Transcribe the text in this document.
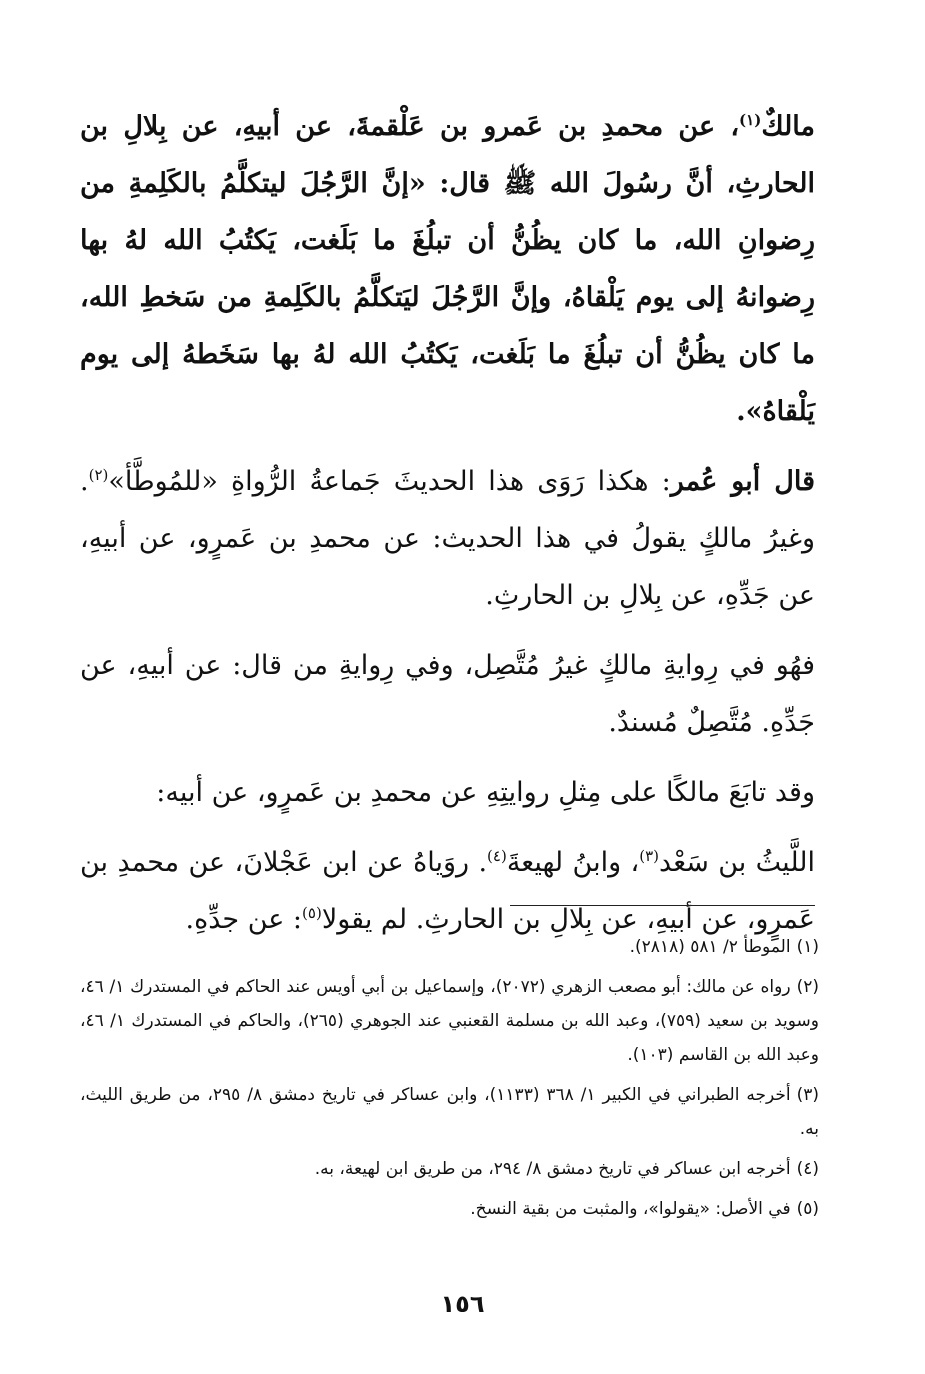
مالكٌ$^{(١)}$، عن محمدِ بن عَمرو بن عَلْقمةَ، عن أبيهِ، عن بِلالِ بن الحارثِ، أنَّ رسُولَ الله ﷺ قال: «إنَّ الرَّجُلَ ليتكلَّمُ بالكَلِمةِ من رِضوانِ الله، ما كان يظُنُّ أن تبلُغَ ما بَلَغت، يَكتُبُ الله لهُ بها رِضوانهُ إلى يوم يَلْقاهُ، وإنَّ الرَّجُلَ ليَتكلَّمُ بالكَلِمةِ من سَخطِ الله، ما كان يظُنُّ أن تبلُغَ ما بَلَغت، يَكتُبُ الله لهُ بها سَخَطهُ إلى يوم يَلْقاهُ».

قال أبو عُمر: هكذا رَوَى هذا الحديثَ جَماعةُ الرُّواةِ «للمُوطَّأ»$^{(٢)}$. وغيرُ مالكٍ يقولُ في هذا الحديث: عن محمدِ بن عَمرٍو، عن أبيهِ، عن جَدِّهِ، عن بِلالِ بن الحارثِ.

فهُو في رِوايةِ مالكٍ غيرُ مُتَّصِل، وفي رِوايةِ من قال: عن أبيهِ، عن جَدِّهِ. مُتَّصِلٌ مُسندٌ.

وقد تابَعَ مالكًا على مِثلِ روايتِهِ عن محمدِ بن عَمرٍو، عن أبيه:

اللَّيثُ بن سَعْد$^{(٣)}$، وابنُ لهيعةَ$^{(٤)}$. روَياهُ عن ابن عَجْلانَ، عن محمدِ بن عَمرٍو، عن أبيهِ، عن بِلالِ بن الحارثِ. لم يقولا$^{(٥)}$: عن جدِّهِ.

(١)الموطأ ٢/ ٥٨١ (٢٨١٨).

(٢)رواه عن مالك: أبو مصعب الزهري (٢٠٧٢)، وإسماعيل بن أبي أويس عند الحاكم في المستدرك ١/ ٤٦، وسويد بن سعيد (٧٥٩)، وعبد الله بن مسلمة القعنبي عند الجوهري (٢٦٥)، والحاكم في المستدرك ١/ ٤٦، وعبد الله بن القاسم (١٠٣).

(٣)أخرجه الطبراني في الكبير ١/ ٣٦٨ (١١٣٣)، وابن عساكر في تاريخ دمشق ٨/ ٢٩٥، من طريق الليث، به.

(٤)أخرجه ابن عساكر في تاريخ دمشق ٨/ ٢٩٤، من طريق ابن لهيعة، به.

(٥)في الأصل: «يقولوا»، والمثبت من بقية النسخ.

١٥٦
